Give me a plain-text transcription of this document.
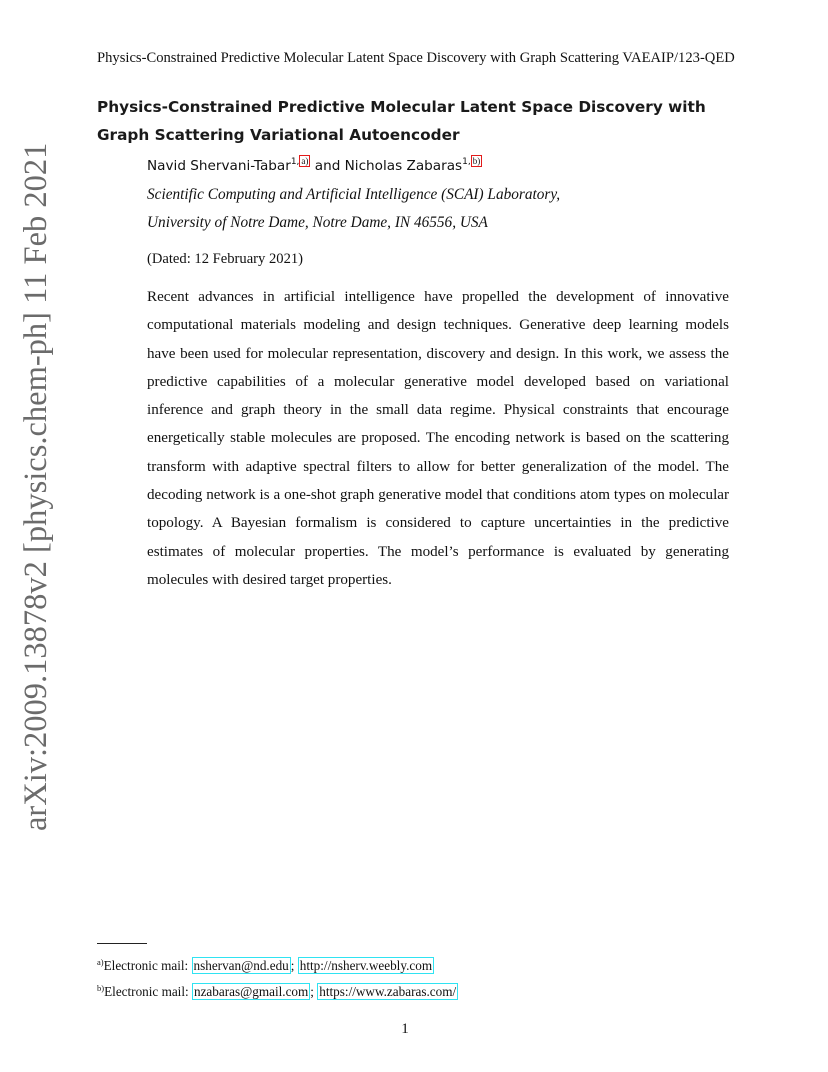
Physics-Constrained Predictive Molecular Latent Space Discovery with Graph Scattering VAEAIP/123-QED
arXiv:2009.13878v2 [physics.chem-ph] 11 Feb 2021
Physics-Constrained Predictive Molecular Latent Space Discovery with Graph Scattering Variational Autoencoder
Navid Shervani-Tabar$^{1, a)}$ and Nicholas Zabaras$^{1, b)}$
Scientific Computing and Artificial Intelligence (SCAI) Laboratory,
University of Notre Dame, Notre Dame, IN 46556, USA
(Dated: 12 February 2021)

Recent advances in artificial intelligence have propelled the development of innovative computational materials modeling and design techniques. Generative deep learning models have been used for molecular representation, discovery and design. In this work, we assess the predictive capabilities of a molecular generative model developed based on variational inference and graph theory in the small data regime. Physical constraints that encourage energetically stable molecules are proposed. The encoding network is based on the scattering transform with adaptive spectral filters to allow for better generalization of the model. The decoding network is a one-shot graph generative model that conditions atom types on molecular topology. A Bayesian formalism is considered to capture uncertainties in the predictive estimates of molecular properties. The model’s performance is evaluated by generating molecules with desired target properties.

$^{a)}$Electronic mail: nshervan@nd.edu ; http://nsherv.weebly.com
$^{b)}$Electronic mail: nzabaras@gmail.com ; https://www.zabaras.com/
1
